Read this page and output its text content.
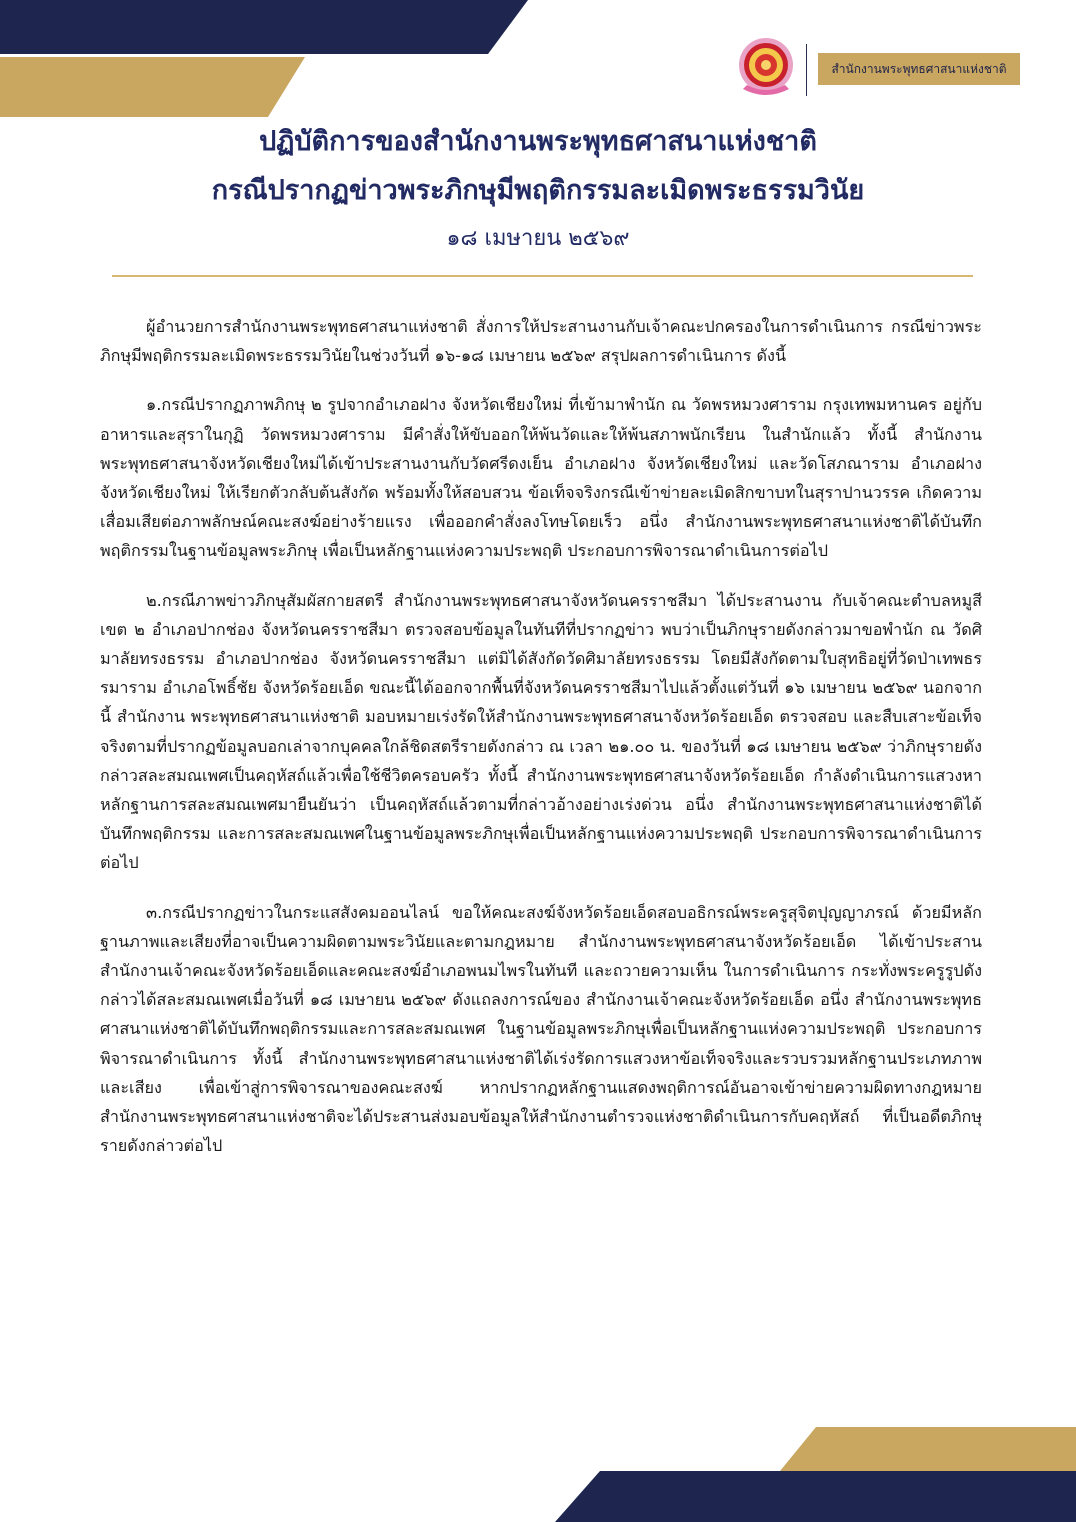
สำนักงานพระพุทธศาสนาแห่งชาติ
ปฏิบัติการของสำนักงานพระพุทธศาสนาแห่งชาติ
กรณีปรากฏข่าวพระภิกษุมีพฤติกรรมละเมิดพระธรรมวินัย
๑๘ เมษายน ๒๕๖๙

ผู้อำนวยการสำนักงานพระพุทธศาสนาแห่งชาติ สั่งการให้ประสานงานกับเจ้าคณะปกครองในการดำเนินการ กรณีข่าวพระภิกษุมีพฤติกรรมละเมิดพระธรรมวินัยในช่วงวันที่ ๑๖-๑๘ เมษายน ๒๕๖๙ สรุปผลการดำเนินการ ดังนี้

๑.กรณีปรากฏภาพภิกษุ ๒ รูปจากอำเภอฝาง จังหวัดเชียงใหม่ ที่เข้ามาพำนัก ณ วัดพรหมวงศาราม กรุงเทพมหานคร อยู่กับอาหารและสุราในกุฏิ วัดพรหมวงศาราม มีคำสั่งให้ขับออกให้พ้นวัดและให้พ้นสภาพนักเรียน ในสำนักแล้ว ทั้งนี้ สำนักงานพระพุทธศาสนาจังหวัดเชียงใหม่ได้เข้าประสานงานกับวัดศรีดงเย็น อำเภอฝาง จังหวัดเชียงใหม่ และวัดโสภณาราม อำเภอฝาง จังหวัดเชียงใหม่ ให้เรียกตัวกลับต้นสังกัด พร้อมทั้งให้สอบสวน ข้อเท็จจริงกรณีเข้าข่ายละเมิดสิกขาบทในสุราปานวรรค เกิดความเสื่อมเสียต่อภาพลักษณ์คณะสงฆ์อย่างร้ายแรง เพื่อออกคำสั่งลงโทษโดยเร็ว อนึ่ง สำนักงานพระพุทธศาสนาแห่งชาติได้บันทึกพฤติกรรมในฐานข้อมูลพระภิกษุ เพื่อเป็นหลักฐานแห่งความประพฤติ ประกอบการพิจารณาดำเนินการต่อไป

๒.กรณีภาพข่าวภิกษุสัมผัสกายสตรี สำนักงานพระพุทธศาสนาจังหวัดนครราชสีมา ได้ประสานงาน กับเจ้าคณะตำบลหมูสี เขต ๒ อำเภอปากช่อง จังหวัดนครราชสีมา ตรวจสอบข้อมูลในทันทีที่ปรากฏข่าว พบว่าเป็นภิกษุรายดังกล่าวมาขอพำนัก ณ วัดศิมาลัยทรงธรรม อำเภอปากช่อง จังหวัดนครราชสีมา แต่มิได้สังกัดวัดศิมาลัยทรงธรรม โดยมีสังกัดตามใบสุทธิอยู่ที่วัดป่าเทพธรรมาราม อำเภอโพธิ์ชัย จังหวัดร้อยเอ็ด ขณะนี้ได้ออกจากพื้นที่จังหวัดนครราชสีมาไปแล้วตั้งแต่วันที่ ๑๖ เมษายน ๒๕๖๙ นอกจากนี้ สำนักงาน พระพุทธศาสนาแห่งชาติ มอบหมายเร่งรัดให้สำนักงานพระพุทธศาสนาจังหวัดร้อยเอ็ด ตรวจสอบ และสืบเสาะข้อเท็จจริงตามที่ปรากฏข้อมูลบอกเล่าจากบุคคลใกล้ชิดสตรีรายดังกล่าว ณ เวลา ๒๑.๐๐ น. ของวันที่ ๑๘ เมษายน ๒๕๖๙ ว่าภิกษุรายดังกล่าวสละสมณเพศเป็นคฤหัสถ์แล้วเพื่อใช้ชีวิตครอบครัว ทั้งนี้ สำนักงานพระพุทธศาสนาจังหวัดร้อยเอ็ด กำลังดำเนินการแสวงหาหลักฐานการสละสมณเพศมายืนยันว่า เป็นคฤหัสถ์แล้วตามที่กล่าวอ้างอย่างเร่งด่วน อนึ่ง สำนักงานพระพุทธศาสนาแห่งชาติได้บันทึกพฤติกรรม และการสละสมณเพศในฐานข้อมูลพระภิกษุเพื่อเป็นหลักฐานแห่งความประพฤติ ประกอบการพิจารณาดำเนินการต่อไป

๓.กรณีปรากฏข่าวในกระแสสังคมออนไลน์ ขอให้คณะสงฆ์จังหวัดร้อยเอ็ดสอบอธิกรณ์พระครูสุจิตปุญญาภรณ์ ด้วยมีหลักฐานภาพและเสียงที่อาจเป็นความผิดตามพระวินัยและตามกฎหมาย สำนักงานพระพุทธศาสนาจังหวัดร้อยเอ็ด ได้เข้าประสานสำนักงานเจ้าคณะจังหวัดร้อยเอ็ดและคณะสงฆ์อำเภอพนมไพรในทันที และถวายความเห็น ในการดำเนินการ กระทั่งพระครูรูปดังกล่าวได้สละสมณเพศเมื่อวันที่ ๑๘ เมษายน ๒๕๖๙ ดังแถลงการณ์ของ สำนักงานเจ้าคณะจังหวัดร้อยเอ็ด อนึ่ง สำนักงานพระพุทธศาสนาแห่งชาติได้บันทึกพฤติกรรมและการสละสมณเพศ ในฐานข้อมูลพระภิกษุเพื่อเป็นหลักฐานแห่งความประพฤติ ประกอบการพิจารณาดำเนินการ ทั้งนี้ สำนักงานพระพุทธศาสนาแห่งชาติได้เร่งรัดการแสวงหาข้อเท็จจริงและรวบรวมหลักฐานประเภทภาพและเสียง เพื่อเข้าสู่การพิจารณาของคณะสงฆ์ หากปรากฏหลักฐานแสดงพฤติการณ์อันอาจเข้าข่ายความผิดทางกฎหมาย สำนักงานพระพุทธศาสนาแห่งชาติจะได้ประสานส่งมอบข้อมูลให้สำนักงานตำรวจแห่งชาติดำเนินการกับคฤหัสถ์ ที่เป็นอดีตภิกษุรายดังกล่าวต่อไป
